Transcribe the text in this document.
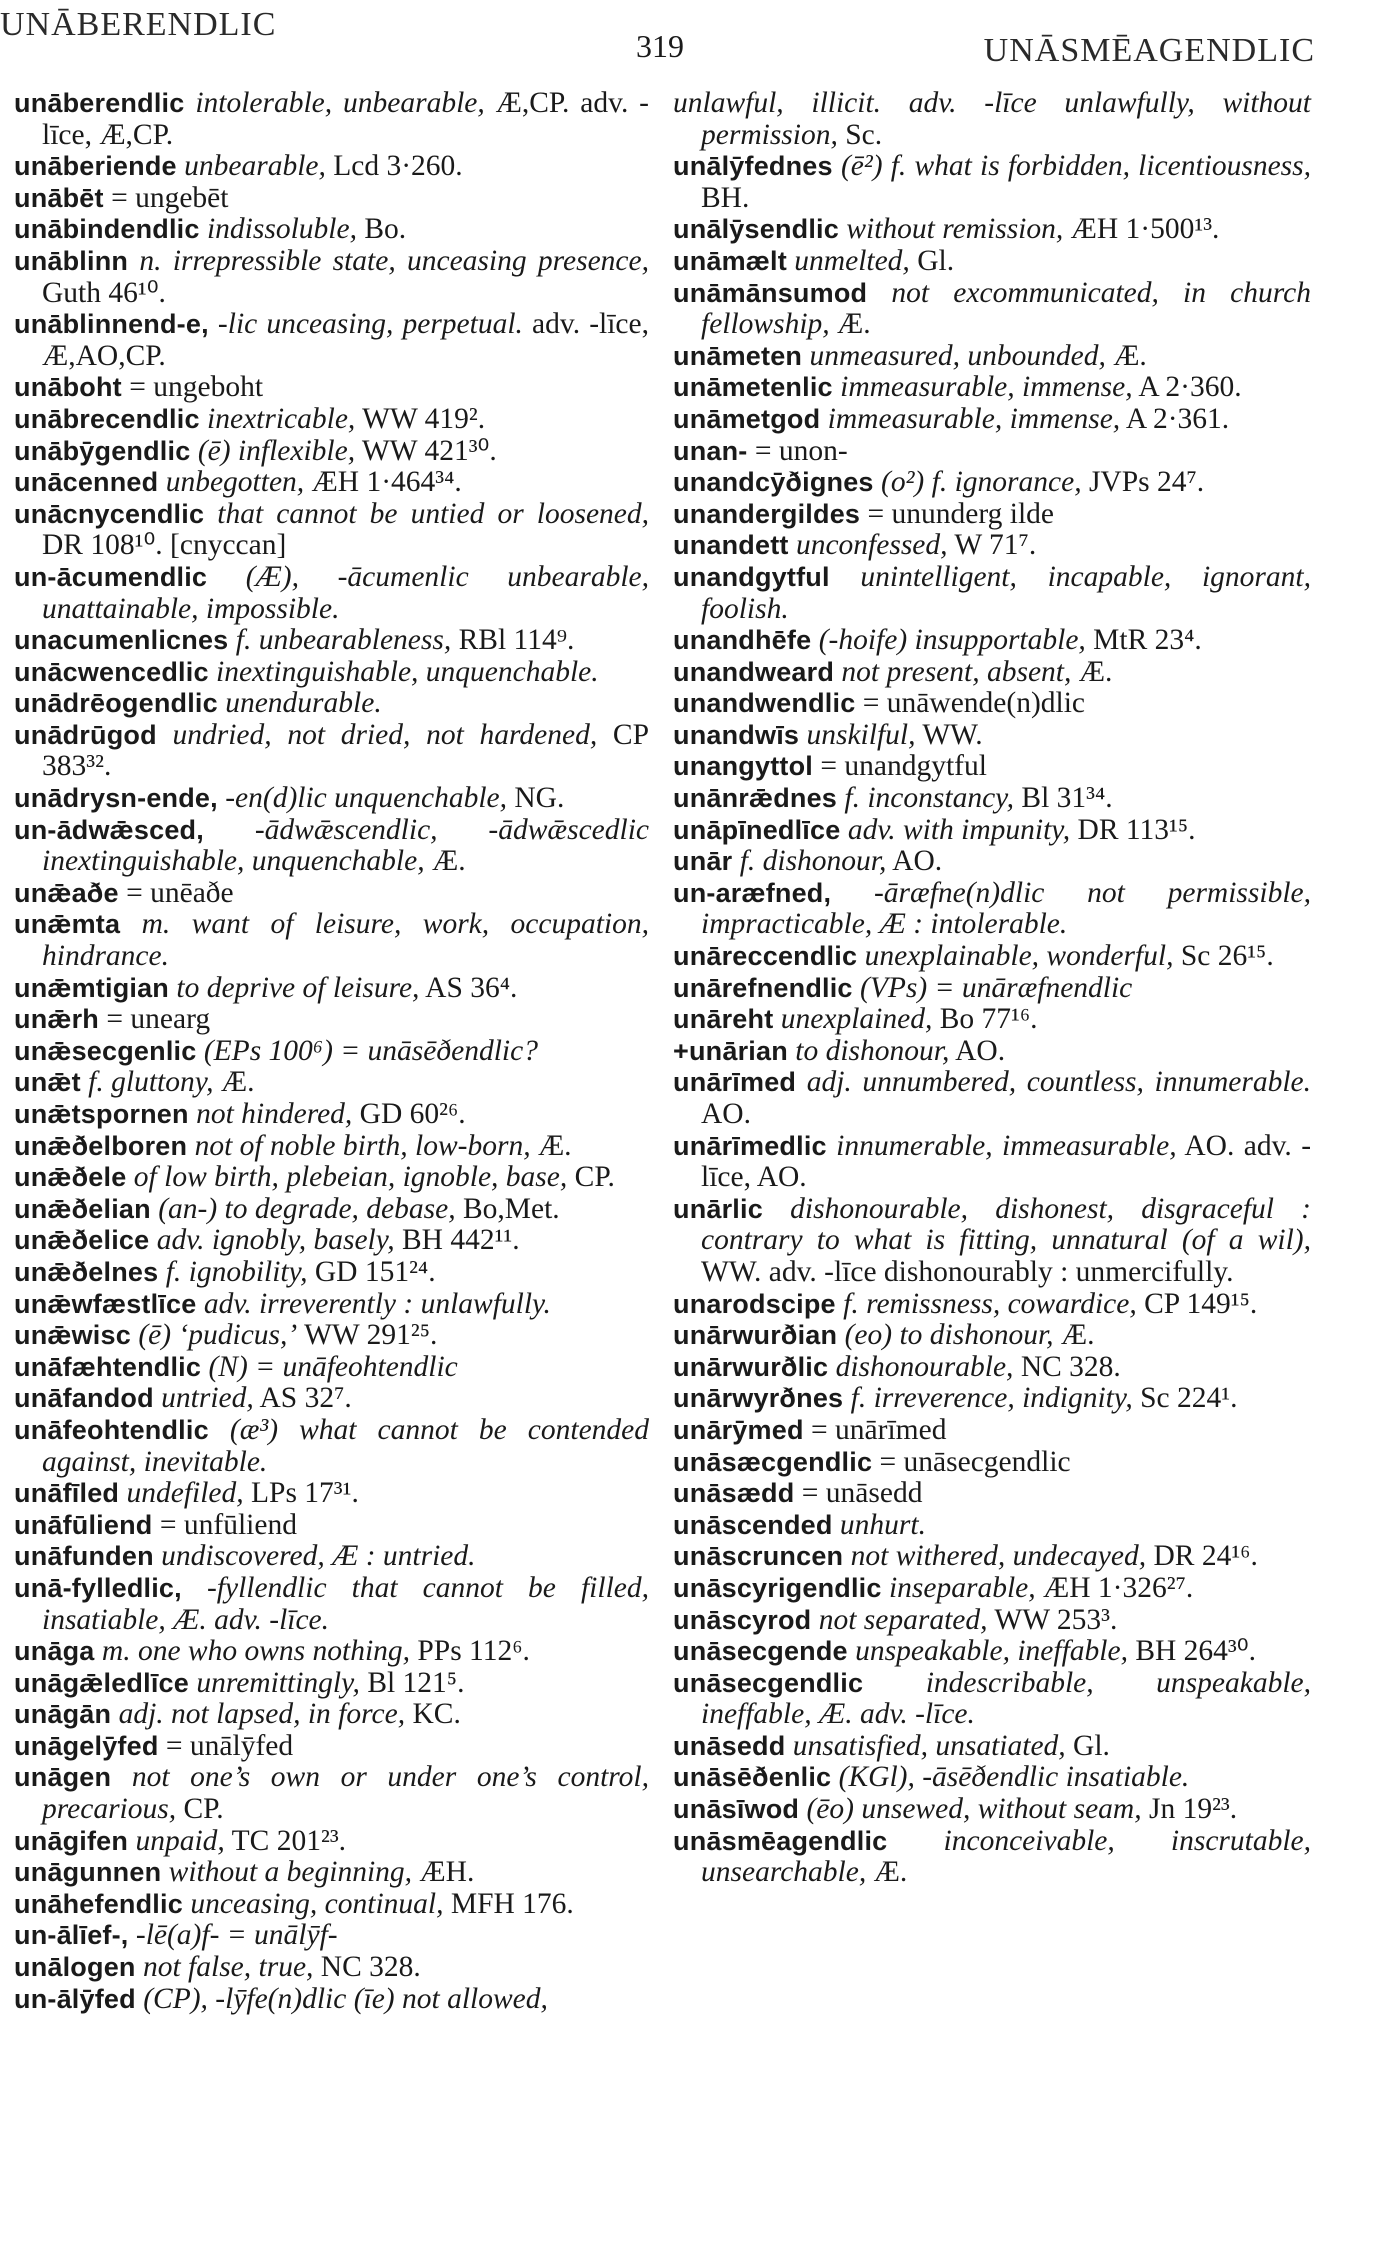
UNĀBERENDLIC
319	UNĀSMĒAGENDLIC

unāberendlic intolerable, unbearable, Æ,CP. adv. -līce, Æ,CP.

unāberiende unbearable, Lcd 3·260.

unābēt = ungebēt

unābindendlic indissoluble, Bo.

unāblinn n. irrepressible state, unceasing presence, Guth 46¹⁰.

unāblinnend-e, -lic unceasing, perpetual. adv. -līce, Æ,AO,CP.

unāboht = ungeboht

unābrecendlic inextricable, WW 419².

unābȳgendlic (ē) inflexible, WW 421³⁰.

unācenned unbegotten, ÆH 1·464³⁴.

unācnycendlic that cannot be untied or loosened, DR 108¹⁰. [cnyccan]

un-ācumendlic (Æ), -ācumenlic unbearable, unattainable, impossible.

unacumenlicnes f. unbearableness, RBl 114⁹.

unācwencedlic inextinguishable, unquenchable.

unādrēogendlic unendurable.

unādrūgod undried, not dried, not hardened, CP 383³².

unādrysn-ende, -en(d)lic unquenchable, NG.

un-ādwǣsced, -ādwǣscendlic, -ādwǣscedlic inextinguishable, unquenchable, Æ.

unǣaðe = unēaðe

unǣmta m. want of leisure, work, occupation, hindrance.

unǣmtigian to deprive of leisure, AS 36⁴.

unǣrh = unearg

unǣsecgenlic (EPs 100⁶) = unāsēðendlic?

unǣt f. gluttony, Æ.

unǣtspornen not hindered, GD 60²⁶.

unǣðelboren not of noble birth, low-born, Æ.

unǣðele of low birth, plebeian, ignoble, base, CP.

unǣðelian (an-) to degrade, debase, Bo,Met.

unǣðelice adv. ignobly, basely, BH 442¹¹.

unǣðelnes f. ignobility, GD 151²⁴.

unǣwfæstlīce adv. irreverently : unlawfully.

unǣwisc (ē) ‘pudicus,’ WW 291²⁵.

unāfæhtendlic (N) = unāfeohtendlic

unāfandod untried, AS 32⁷.

unāfeohtendlic (æ³) what cannot be contended against, inevitable.

unāfīled undefiled, LPs 17³¹.

unāfūliend = unfūliend

unāfunden undiscovered, Æ : untried.

unā-fylledlic, -fyllendlic that cannot be filled, insatiable, Æ. adv. -līce.

unāga m. one who owns nothing, PPs 112⁶.

unāgǣledlīce unremittingly, Bl 121⁵.

unāgān adj. not lapsed, in force, KC.

unāgelȳfed = unālȳfed

unāgen not one’s own or under one’s control, precarious, CP.

unāgifen unpaid, TC 201²³.

unāgunnen without a beginning, ÆH.

unāhefendlic unceasing, continual, MFH 176.

un-ālīef-, -lē(a)f- = unālȳf-

unālogen not false, true, NC 328.

un-ālȳfed (CP), -lȳfe(n)dlic (īe) not allowed,

unlawful, illicit. adv. -līce unlawfully, without permission, Sc.

unālȳfednes (ē²) f. what is forbidden, licentiousness, BH.

unālȳsendlic without remission, ÆH 1·500¹³.

unāmælt unmelted, Gl.

unāmānsumod not excommunicated, in church fellowship, Æ.

unāmeten unmeasured, unbounded, Æ.

unāmetenlic immeasurable, immense, A 2·360.

unāmetgod immeasurable, immense, A 2·361.

unan- = unon-

unandcȳðignes (o²) f. ignorance, JVPs 24⁷.

unandergildes = ununderg ilde

unandett unconfessed, W 71⁷.

unandgytful unintelligent, incapable, ignorant, foolish.

unandhēfe (-hoife) insupportable, MtR 23⁴.

unandweard not present, absent, Æ.

unandwendlic = unāwende(n)dlic

unandwīs unskilful, WW.

unangyttol = unandgytful

unānrǣdnes f. inconstancy, Bl 31³⁴.

unāpīnedlīce adv. with impunity, DR 113¹⁵.

unār f. dishonour, AO.

un-aræfned, -āræfne(n)dlic not permissible, impracticable, Æ : intolerable.

unāreccendlic unexplainable, wonderful, Sc 26¹⁵.

unārefnendlic (VPs) = unāræfnendlic

unāreht unexplained, Bo 77¹⁶.

+unārian to dishonour, AO.

unārīmed adj. unnumbered, countless, innumerable. AO.

unārīmedlic innumerable, immeasurable, AO. adv. -līce, AO.

unārlic dishonourable, dishonest, disgraceful : contrary to what is fitting, unnatural (of a wil), WW. adv. -līce dishonourably : unmercifully.

unarodscipe f. remissness, cowardice, CP 149¹⁵.

unārwurðian (eo) to dishonour, Æ.

unārwurðlic dishonourable, NC 328.

unārwyrðnes f. irreverence, indignity, Sc 224¹.

unārȳmed = unārīmed

unāsæcgendlic = unāsecgendlic

unāsædd = unāsedd

unāscended unhurt.

unāscruncen not withered, undecayed, DR 24¹⁶.

unāscyrigendlic inseparable, ÆH 1·326²⁷.

unāscyrod not separated, WW 253³.

unāsecgende unspeakable, ineffable, BH 264³⁰.

unāsecgendlic indescribable, unspeakable, ineffable, Æ. adv. -līce.

unāsedd unsatisfied, unsatiated, Gl.

unāsēðenlic (KGl), -āsēðendlic insatiable.

unāsīwod (ēo) unsewed, without seam, Jn 19²³.

unāsmēagendlic inconceivable, inscrutable, unsearchable, Æ.
